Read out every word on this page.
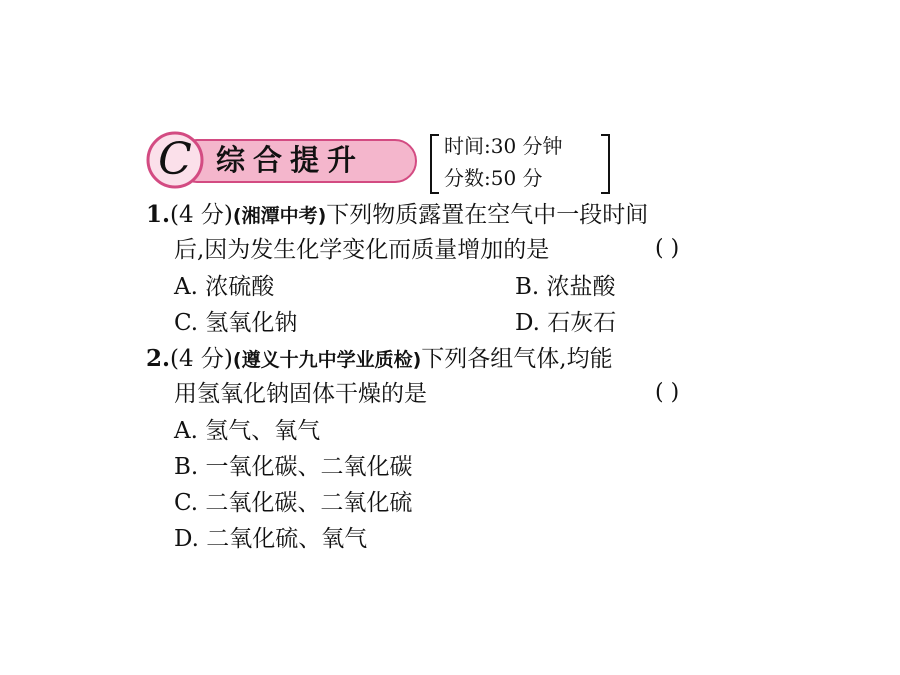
C 综合提升	时间:30 分钟
分数:50 分
1.(4 分)(湘潭中考)下列物质露置在空气中一段时间
后,因为发生化学变化而质量增加的是	( )
A. 浓硫酸	B. 浓盐酸
C. 氢氧化钠	D. 石灰石
2.(4 分)(遵义十九中学业质检)下列各组气体,均能
用氢氧化钠固体干燥的是	( )
A. 氢气、氧气
B. 一氧化碳、二氧化碳
C. 二氧化碳、二氧化硫
D. 二氧化硫、氧气
